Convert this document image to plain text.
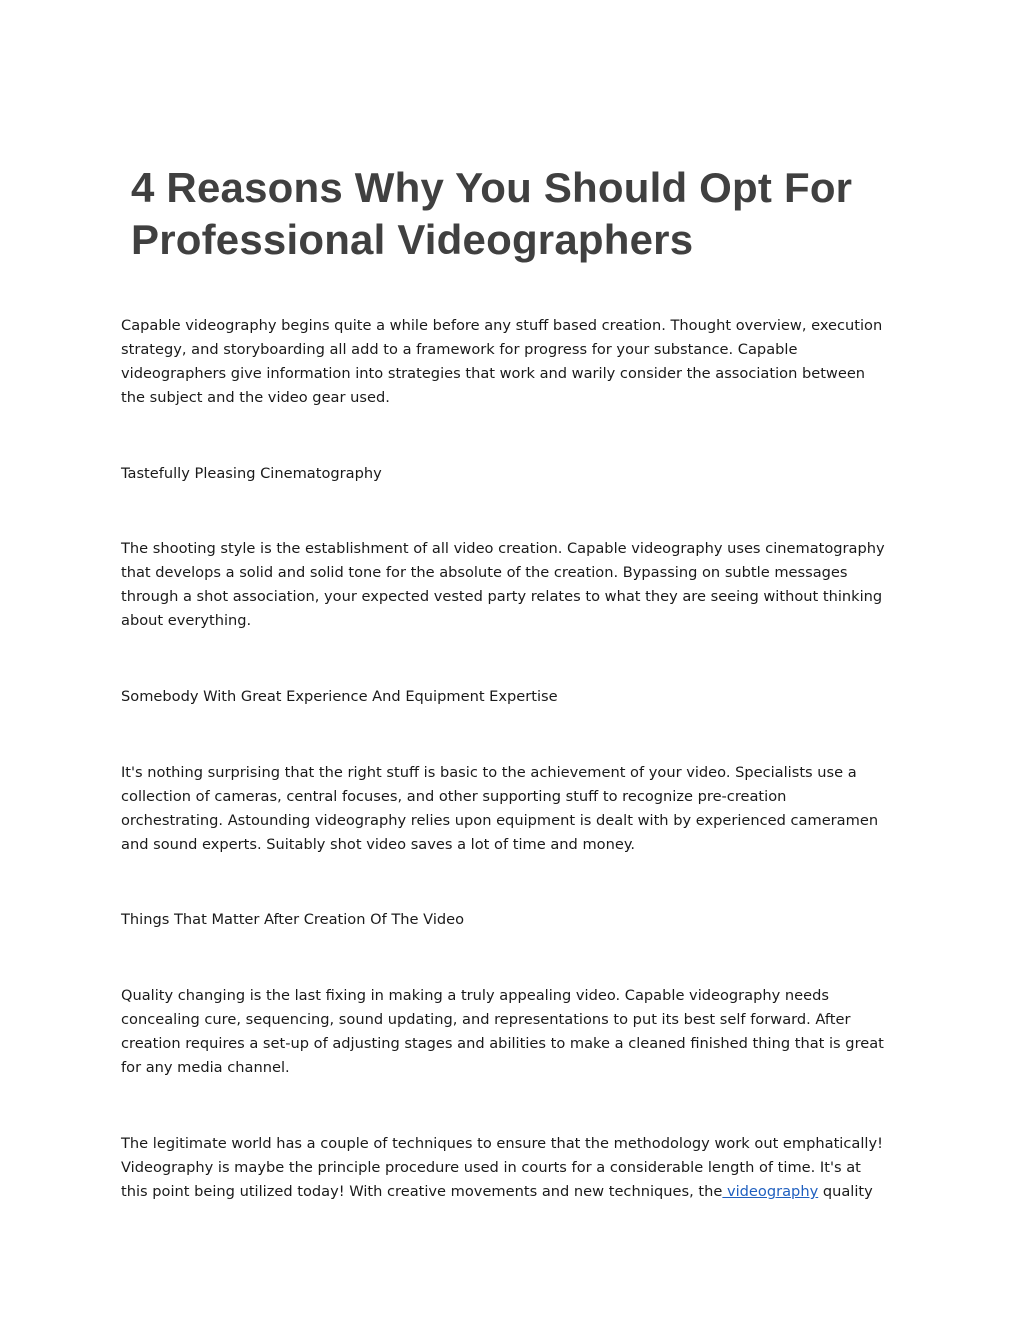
4 Reasons Why You Should Opt For
Professional Videographers

Capable videography begins quite a while before any stuff based creation. Thought overview, execution
strategy, and storyboarding all add to a framework for progress for your substance. Capable
videographers give information into strategies that work and warily consider the association between
the subject and the video gear used.

Tastefully Pleasing Cinematography

The shooting style is the establishment of all video creation. Capable videography uses cinematography
that develops a solid and solid tone for the absolute of the creation. Bypassing on subtle messages
through a shot association, your expected vested party relates to what they are seeing without thinking
about everything.

Somebody With Great Experience And Equipment Expertise

It's nothing surprising that the right stuff is basic to the achievement of your video. Specialists use a
collection of cameras, central focuses, and other supporting stuff to recognize pre-creation
orchestrating. Astounding videography relies upon equipment is dealt with by experienced cameramen
and sound experts. Suitably shot video saves a lot of time and money.

Things That Matter After Creation Of The Video

Quality changing is the last fixing in making a truly appealing video. Capable videography needs
concealing cure, sequencing, sound updating, and representations to put its best self forward. After
creation requires a set-up of adjusting stages and abilities to make a cleaned finished thing that is great
for any media channel.

The legitimate world has a couple of techniques to ensure that the methodology work out emphatically!
Videography is maybe the principle procedure used in courts for a considerable length of time. It's at
this point being utilized today! With creative movements and new techniques, the videography quality
